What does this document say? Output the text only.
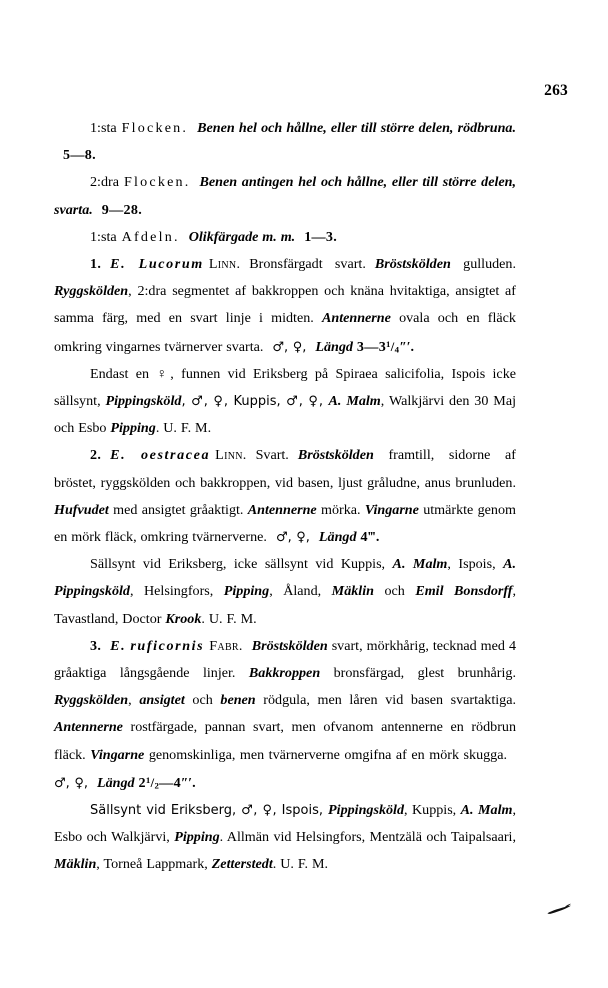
263

1:sta Flocken. Benen hel och hållne, eller till större delen, rödbruna.5—8.

2:dra Flocken. Benen antingen hel och hållne, eller till större delen, svarta. 9—28.

1:sta Afdeln. Olikfärgade m. m. 1—3.

1. E. Lucorum Linn. Bronsfärgadt svart. Bröstskölden gulluden. Ryggskölden, 2:dra segmentet af bakkroppen och knäna hvitaktiga, ansigtet af samma färg, med en svart linje i midten. Antennerne ovala och en fläck omkring vingarnes tvärnerver svarta. ♂, ♀, Längd $3—3^1/_4'''$.

Endast en ♀, funnen vid Eriksberg på Spiraea salicifolia, Ispois icke sällsynt, Pippingsköld, ♂, ♀, Kuppis, ♂, ♀, A. Malm, Walkjärvi den 30 Maj och Esbo Pipping. U. F. M.

2. E. oestracea Linn. Svart. Bröstskölden framtill, sidorne af bröstet, ryggskölden och bakkroppen, vid basen, ljust gråludne, anus brunluden. Hufvudet med ansigtet gråaktigt. Antennerne mörka. Vingarne utmärkte genom en mörk fläck, omkring tvärnerverne. ♂, ♀, Längd 4‴.

Sällsynt vid Eriksberg, icke sällsynt vid Kuppis, A. Malm, Ispois, A. Pippingsköld, Helsingfors, Pipping, Åland, Mäklin och Emil Bonsdorff, Tavastland, Doctor Krook. U. F. M.

3. E. ruficornis Fabr. Bröstskölden svart, mörkhårig, tecknad med 4 gråaktiga långsgående linjer. Bakkroppen bronsfärgad, glest brunhårig. Ryggskölden, ansigtet och benen rödgula, men låren vid basen svartaktiga. Antennerne rostfärgade, pannan svart, men ofvanom antennerne en rödbrun fläck. Vingarne genomskinliga, men tvärnerverne omgifna af en mörk skugga.♂, ♀, Längd $2^1/_2—4'''$.

Sällsynt vid Eriksberg, ♂, ♀, Ispois, Pippingsköld, Kuppis, A. Malm, Esbo och Walkjärvi, Pipping. Allmän vid Helsingfors, Mentzälä och Taipalsaari, Mäklin, Torneå Lappmark, Zetterstedt. U. F. M.
